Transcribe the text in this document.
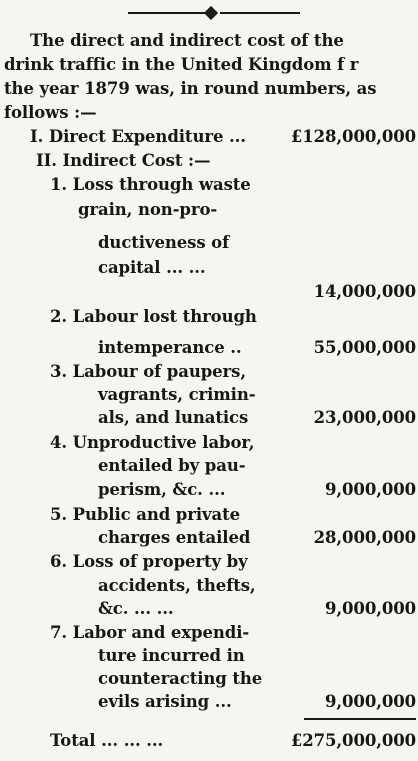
The direct and indirect cost of the
drink traffic in the United Kingdom f r
the year 1879 was, in round numbers, as
follows :—
I. Direct Expenditure ...	£128,000,000
II. Indirect Cost :—
1. Loss through waste
grain, non-pro-
ductiveness of
capital ... ...
14,000,000
2. Labour lost through
intemperance ..	55,000,000
3. Labour of paupers,
vagrants, crimin-
als, and lunatics	23,000,000
4. Unproductive labor,
entailed by pau-
perism, &c. ...	9,000,000
5. Public and private
charges entailed	28,000,000
6. Loss of property by
accidents, thefts,
&c. ... ...	9,000,000
7. Labor and expendi-
ture incurred in
counteracting the
evils arising ...	9,000,000
Total ... ... ...	£275,000,000
